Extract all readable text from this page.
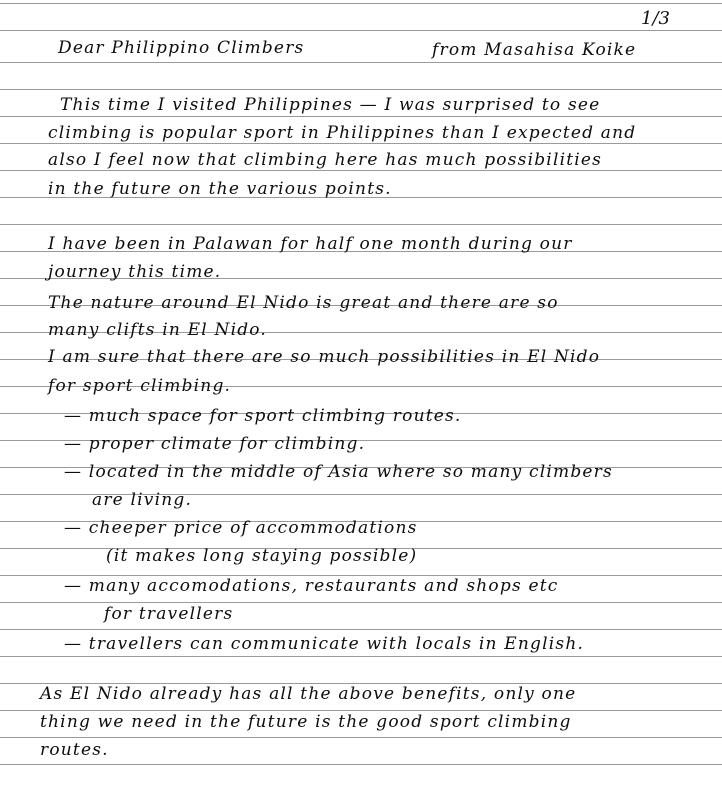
1/3
Dear Philippino Climbers	from Masahisa Koike
This time I visited Philippines — I was surprised to see
climbing is popular sport in Philippines than I expected and
also I feel now that climbing here has much possibilities
in the future on the various points.
I have been in Palawan for half one month during our
journey this time.
The nature around El Nido is great and there are so
many clifts in El Nido.
I am sure that there are so much possibilities in El Nido
for sport climbing.
— much space for sport climbing routes.
— proper climate for climbing.
— located in the middle of Asia where so many climbers
are living.
— cheeper price of accommodations
(it makes long staying possible)
— many accomodations, restaurants and shops etc
for travellers
— travellers can communicate with locals in English.
As El Nido already has all the above benefits, only one
thing we need in the future is the good sport climbing
routes.
